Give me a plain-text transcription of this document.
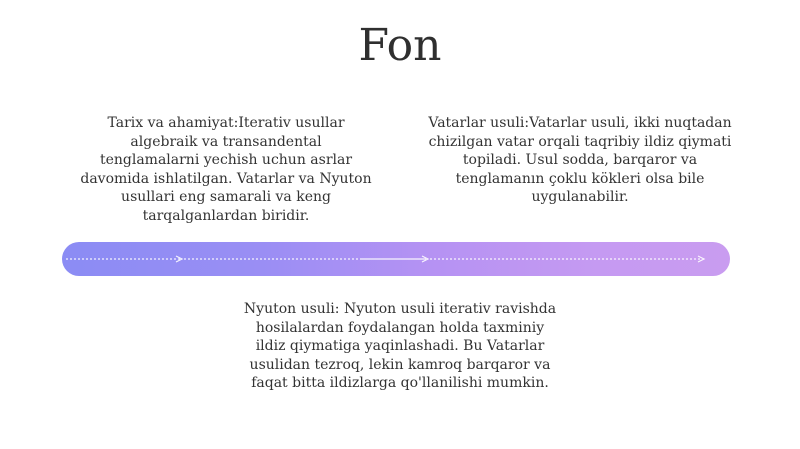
Fon
Tarix va ahamiyat:Iterativ usullar algebraik va transandental tenglamalarni yechish uchun asrlar davomida ishlatilgan. Vatarlar va Nyuton usullari eng samarali va keng tarqalganlardan biridir.
Vatarlar usuli:Vatarlar usuli, ikki nuqtadan chizilgan vatar orqali taqribiy ildiz qiymati topiladi. Usul sodda, barqaror va tenglamanın çoklu kökleri olsa bile uygulanabilir.
Nyuton usuli: Nyuton usuli iterativ ravishda hosilalardan foydalangan holda taxminiy ildiz qiymatiga yaqinlashadi. Bu Vatarlar usulidan tezroq, lekin kamroq barqaror va faqat bitta ildizlarga qo'llanilishi mumkin.
